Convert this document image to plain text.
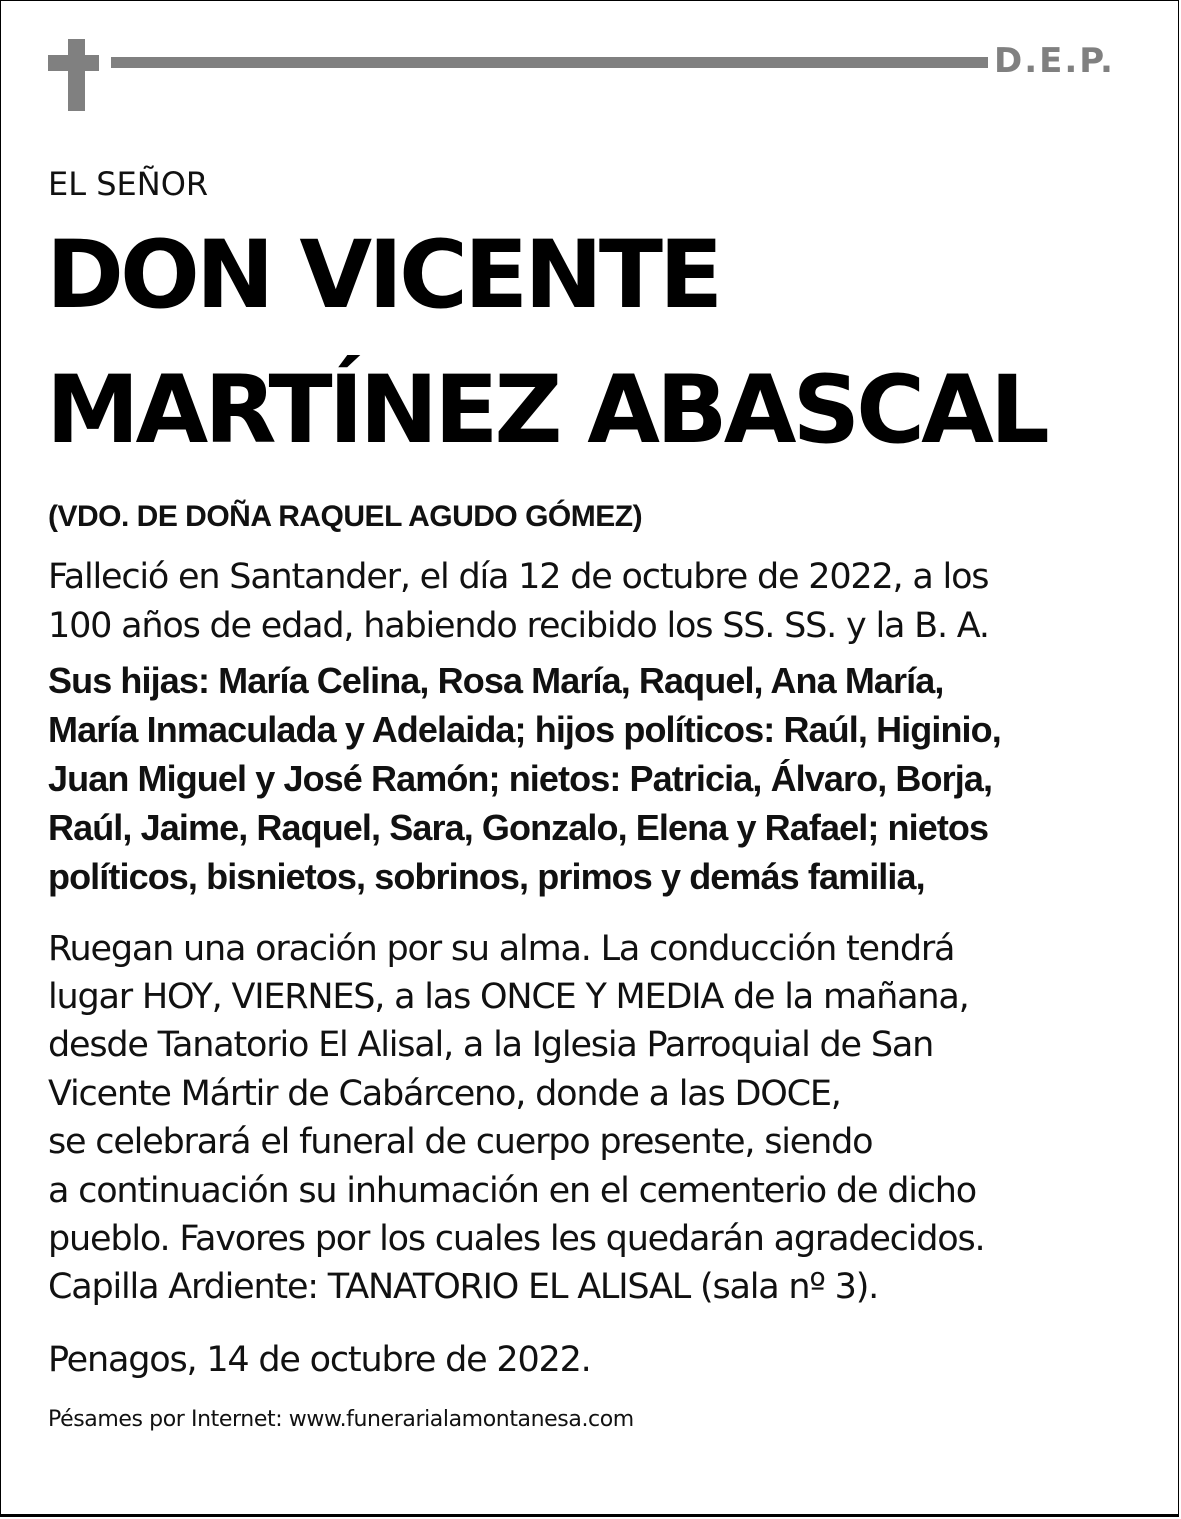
D.E.P.
EL SEÑOR
DON VICENTE
MARTÍNEZ ABASCAL
(VDO. DE DOÑA RAQUEL AGUDO GÓMEZ)
Falleció en Santander, el día 12 de octubre de 2022, a los
100 años de edad, habiendo recibido los SS. SS. y la B. A.
Sus hijas: María Celina, Rosa María, Raquel, Ana María,
María Inmaculada y Adelaida; hijos políticos: Raúl, Higinio,
Juan Miguel y José Ramón; nietos: Patricia, Álvaro, Borja,
Raúl, Jaime, Raquel, Sara, Gonzalo, Elena y Rafael; nietos
políticos, bisnietos, sobrinos, primos y demás familia,
Ruegan una oración por su alma. La conducción tendrá
lugar HOY, VIERNES, a las ONCE Y MEDIA de la mañana,
desde Tanatorio El Alisal, a la Iglesia Parroquial de San
Vicente Mártir de Cabárceno, donde a las DOCE,
se celebrará el funeral de cuerpo presente, siendo
a continuación su inhumación en el cementerio de dicho
pueblo. Favores por los cuales les quedarán agradecidos.
Capilla Ardiente: TANATORIO EL ALISAL (sala nº 3).
Penagos, 14 de octubre de 2022.
Pésames por Internet: www.funerarialamontanesa.com
